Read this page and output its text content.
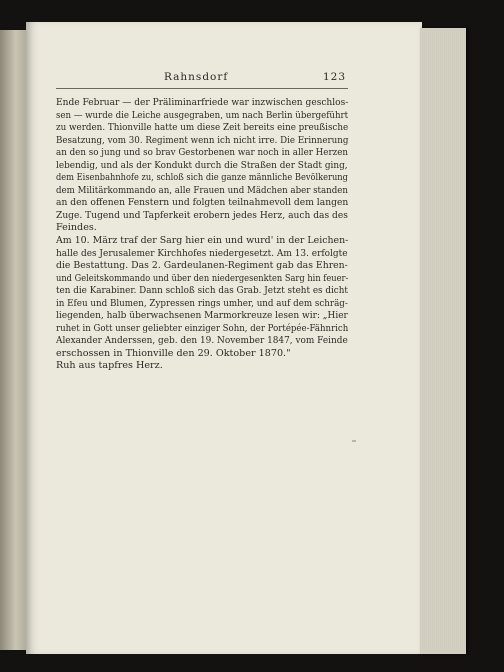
Rahnsdorf	123

Ende Februar — der Präliminarfriede war inzwischen geschlos-
sen — wurde die Leiche ausgegraben, um nach Berlin übergeführt
zu werden. Thionville hatte um diese Zeit bereits eine preußische
Besatzung, vom 30. Regiment wenn ich nicht irre. Die Erinnerung
an den so jung und so brav Gestorbenen war noch in aller Herzen
lebendig, und als der Kondukt durch die Straßen der Stadt ging,
dem Eisenbahnhofe zu, schloß sich die ganze männliche Bevölkerung
dem Militärkommando an, alle Frauen und Mädchen aber standen
an den offenen Fenstern und folgten teilnahmevoll dem langen
Zuge. Tugend und Tapferkeit erobern jedes Herz, auch das des
Feindes.

Am 10. März traf der Sarg hier ein und wurd' in der Leichen-
halle des Jerusalemer Kirchhofes niedergesetzt. Am 13. erfolgte
die Bestattung. Das 2. Gardeulanen-Regiment gab das Ehren-
und Geleitskommando und über den niedergesenkten Sarg hin feuer-
ten die Karabiner. Dann schloß sich das Grab. Jetzt steht es dicht
in Efeu und Blumen, Zypressen rings umher, und auf dem schräg-
liegenden, halb überwachsenen Marmorkreuze lesen wir: „Hier
ruhet in Gott unser geliebter einziger Sohn, der Portépée-Fähnrich
Alexander Anderssen, geb. den 19. November 1847, vom Feinde
erschossen in Thionville den 29. Oktober 1870."

Ruh aus tapfres Herz.
